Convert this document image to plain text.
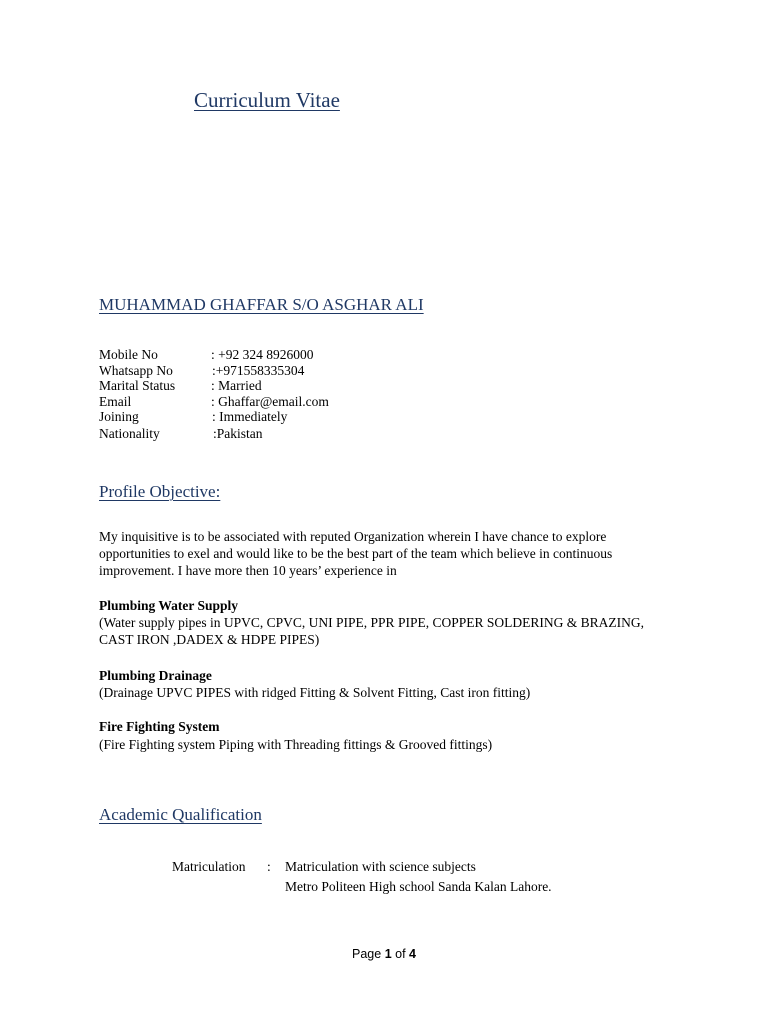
Curriculum Vitae
MUHAMMAD GHAFFAR S/O ASGHAR ALI
Mobile No	: +92 324 8926000
Whatsapp No	:+971558335304
Marital Status	: Married
Email	: Ghaffar@email.com
Joining	: Immediately
Nationality	:Pakistan
Profile Objective:

My inquisitive is to be associated with reputed Organization wherein I have chance to explore

opportunities to exel and would like to be the best part of the team which believe in continuous

improvement. I have more then 10 years’ experience in

Plumbing Water Supply
(Water supply pipes in UPVC, CPVC, UNI PIPE, PPR PIPE, COPPER SOLDERING & BRAZING,
CAST IRON ,DADEX & HDPE PIPES)
Plumbing Drainage
(Drainage UPVC PIPES with ridged Fitting & Solvent Fitting, Cast iron fitting)
Fire Fighting System
(Fire Fighting system Piping with Threading fittings & Grooved fittings)
Academic Qualification
Matriculation : Matriculation with science subjects
Metro Politeen High school Sanda Kalan Lahore.
Page 1 of 4
